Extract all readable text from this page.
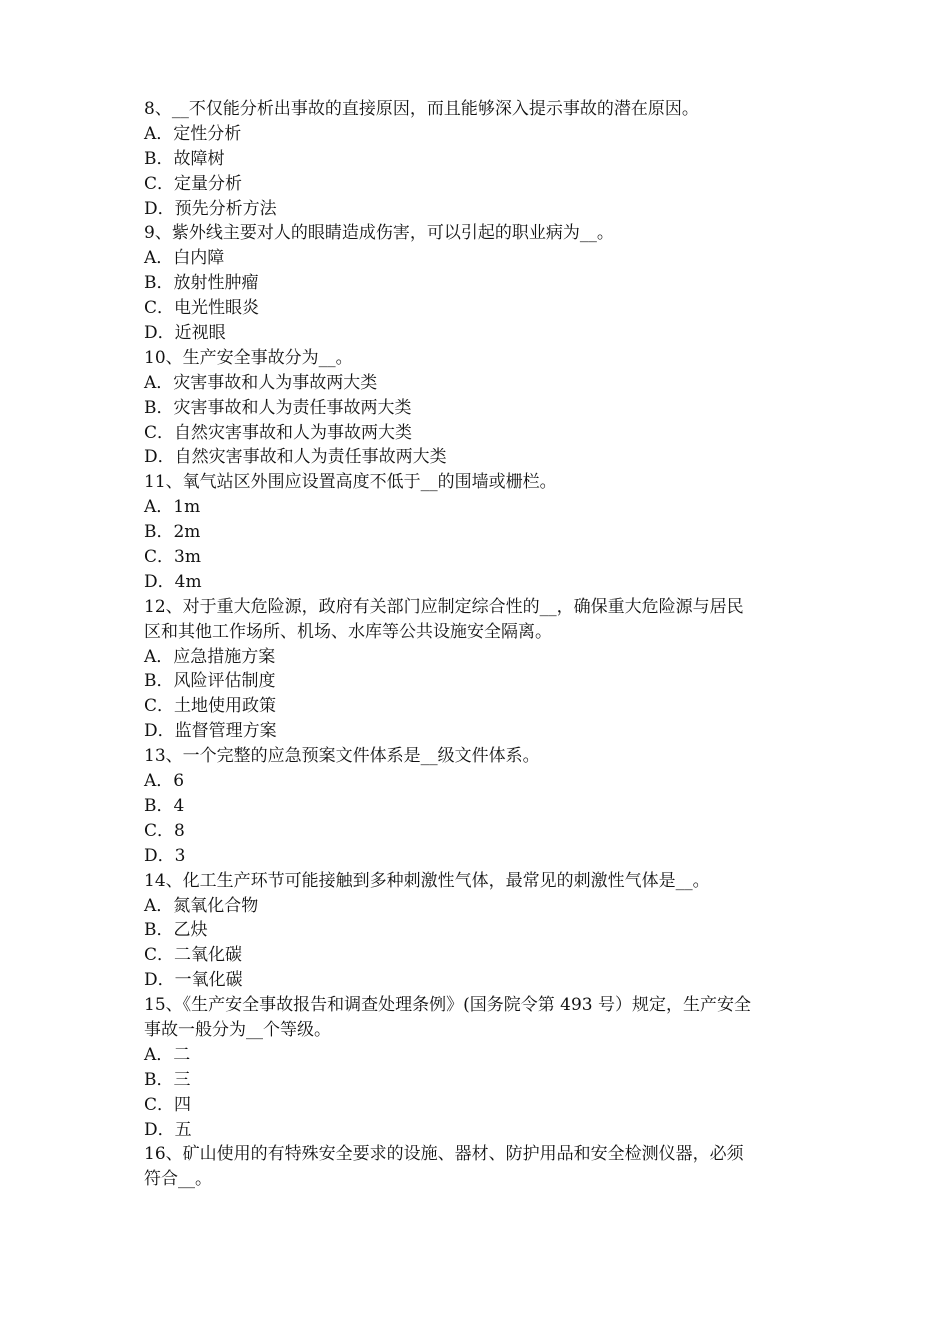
8、__不仅能分析出事故的直接原因，而且能够深入提示事故的潜在原因。
A．定性分析
B．故障树
C．定量分析
D．预先分析方法
9、紫外线主要对人的眼睛造成伤害，可以引起的职业病为__。
A．白内障
B．放射性肿瘤
C．电光性眼炎
D．近视眼
10、生产安全事故分为__。
A．灾害事故和人为事故两大类
B．灾害事故和人为责任事故两大类
C．自然灾害事故和人为事故两大类
D．自然灾害事故和人为责任事故两大类
11、氧气站区外围应设置高度不低于__的围墙或栅栏。
A．1m
B．2m
C．3m
D．4m
12、对于重大危险源，政府有关部门应制定综合性的__，确保重大危险源与居民
区和其他工作场所、机场、水库等公共设施安全隔离。
A．应急措施方案
B．风险评估制度
C．土地使用政策
D．监督管理方案
13、一个完整的应急预案文件体系是__级文件体系。
A．6
B．4
C．8
D．3
14、化工生产环节可能接触到多种刺激性气体，最常见的刺激性气体是__。
A．氮氧化合物
B．乙炔
C．二氧化碳
D．一氧化碳
15、《生产安全事故报告和调查处理条例》(国务院令第 493 号）规定，生产安全
事故一般分为__个等级。
A．二
B．三
C．四
D．五
16、矿山使用的有特殊安全要求的设施、器材、防护用品和安全检测仪器，必须
符合__。
